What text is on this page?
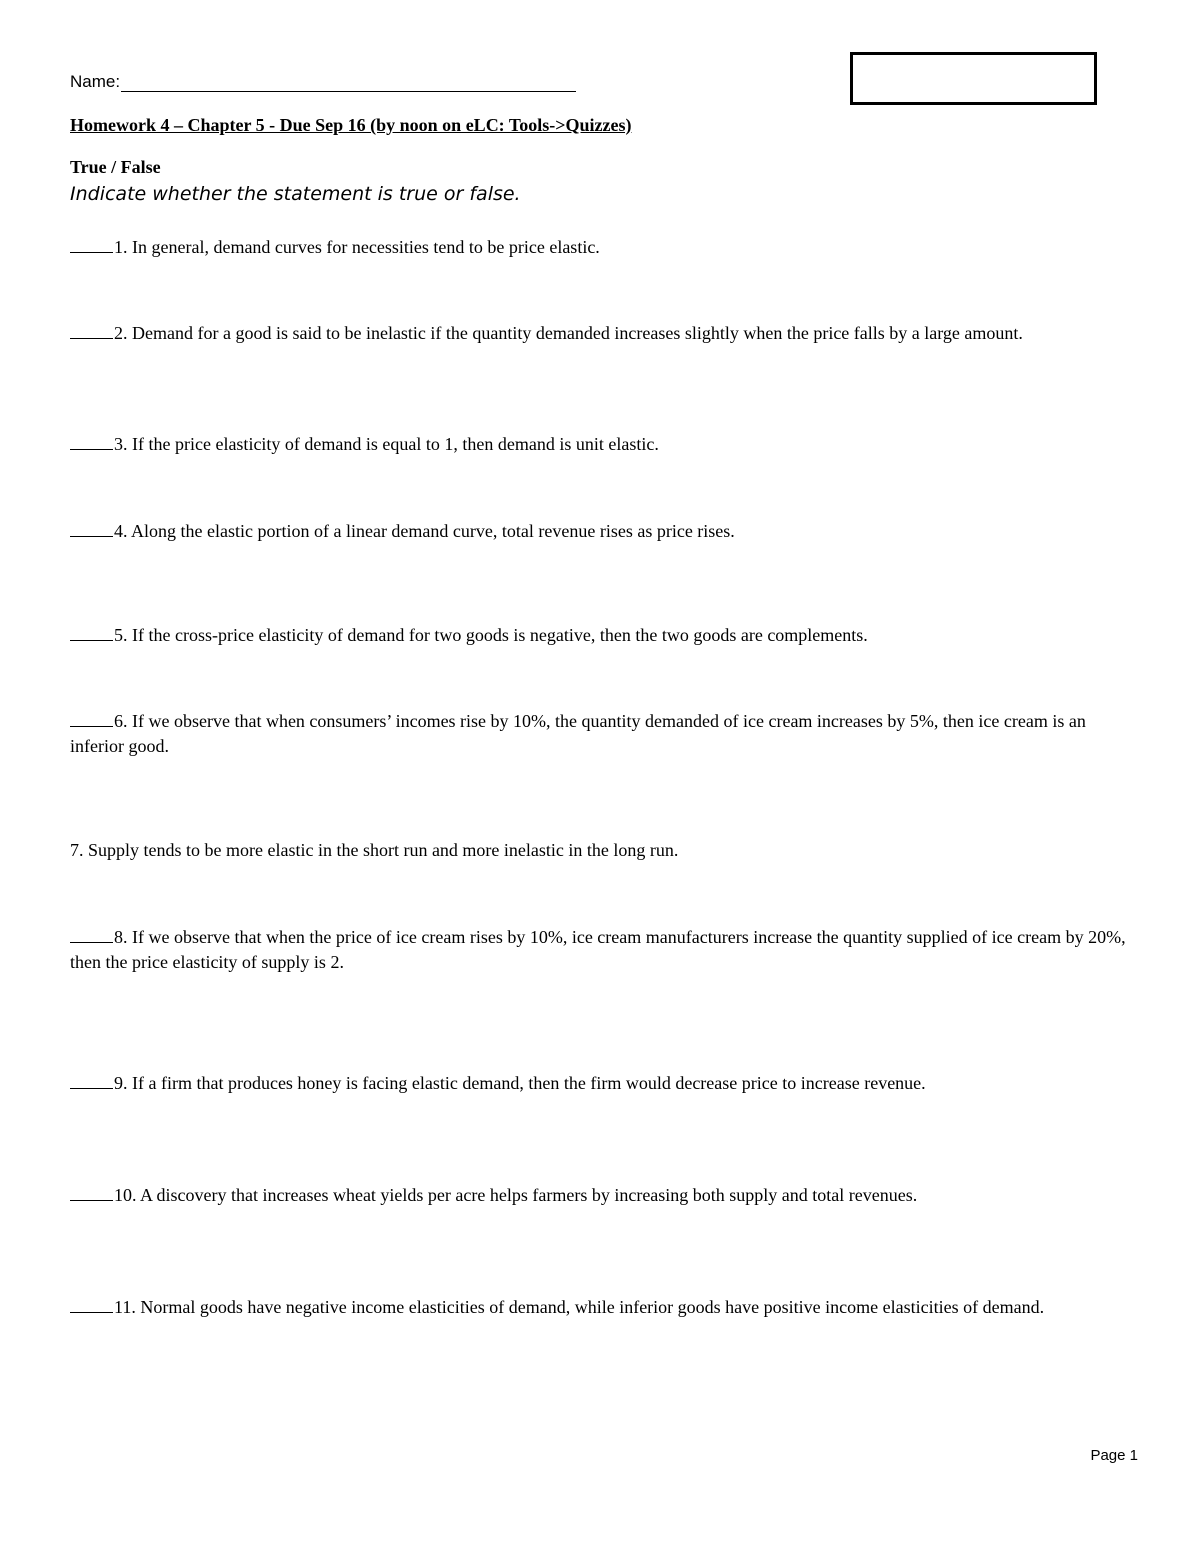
Name:
Homework 4 – Chapter 5 - Due Sep 16 (by noon on eLC: Tools->Quizzes)
True / False
Indicate whether the statement is true or false.
1. In general, demand curves for necessities tend to be price elastic.
2. Demand for a good is said to be inelastic if the quantity demanded increases slightly when the price falls by a large amount.
3. If the price elasticity of demand is equal to 1, then demand is unit elastic.
4. Along the elastic portion of a linear demand curve, total revenue rises as price rises.
5. If the cross-price elasticity of demand for two goods is negative, then the two goods are complements.
6. If we observe that when consumers’ incomes rise by 10%, the quantity demanded of ice cream increases by 5%, then ice cream is an inferior good.
7. Supply tends to be more elastic in the short run and more inelastic in the long run.
8. If we observe that when the price of ice cream rises by 10%, ice cream manufacturers increase the quantity supplied of ice cream by 20%, then the price elasticity of supply is 2.
9. If a firm that produces honey is facing elastic demand, then the firm would decrease price to increase revenue.
10. A discovery that increases wheat yields per acre helps farmers by increasing both supply and total revenues.
11. Normal goods have negative income elasticities of demand, while inferior goods have positive income elasticities of demand.
Page 1
